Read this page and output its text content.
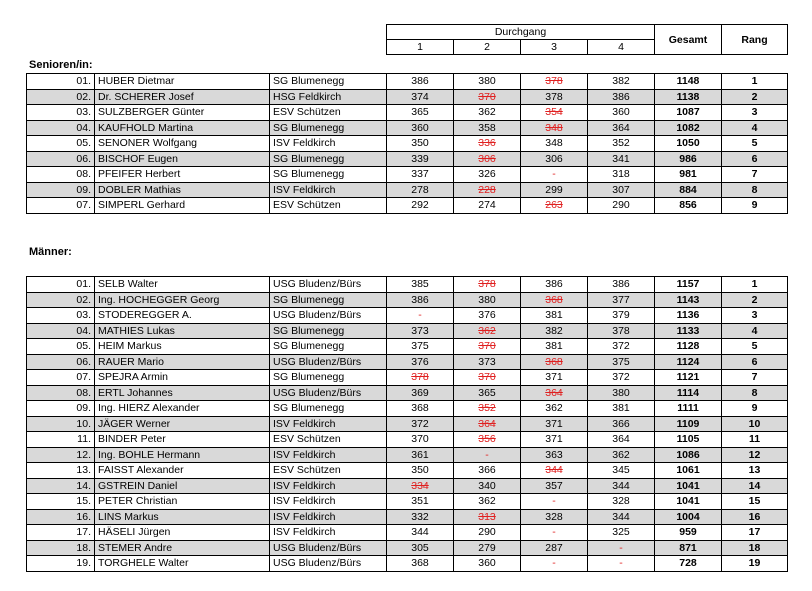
Durchgang				Gesamt	Rang
1	2	3	4		
Senioren/in:
01.	HUBER Dietmar	SG Blumenegg	386	380	378	382	1148	1
02.	Dr. SCHERER Josef	HSG Feldkirch	374	370	378	386	1138	2
03.	SULZBERGER Günter	ESV Schützen	365	362	354	360	1087	3
04.	KAUFHOLD Martina	SG Blumenegg	360	358	348	364	1082	4
05.	SENONER Wolfgang	ISV Feldkirch	350	336	348	352	1050	5
06.	BISCHOF Eugen	SG Blumenegg	339	306	306	341	986	6
08.	PFEIFER Herbert	SG Blumenegg	337	326	-	318	981	7
09.	DOBLER Mathias	ISV Feldkirch	278	228	299	307	884	8
07.	SIMPERL Gerhard	ESV Schützen	292	274	263	290	856	9
Männer:
01.	SELB Walter	USG Bludenz/Bürs	385	378	386	386	1157	1
02.	Ing. HOCHEGGER Georg	SG Blumenegg	386	380	368	377	1143	2
03.	STODEREGGER A.	USG Bludenz/Bürs	-	376	381	379	1136	3
04.	MATHIES Lukas	SG Blumenegg	373	362	382	378	1133	4
05.	HEIM Markus	SG Blumenegg	375	370	381	372	1128	5
06.	RAUER Mario	USG Bludenz/Bürs	376	373	368	375	1124	6
07.	SPEJRA Armin	SG Blumenegg	378	370	371	372	1121	7
08.	ERTL Johannes	USG Bludenz/Bürs	369	365	364	380	1114	8
09.	Ing. HIERZ Alexander	SG Blumenegg	368	352	362	381	1111	9
10.	JÄGER Werner	ISV Feldkirch	372	364	371	366	1109	10
11.	BINDER Peter	ESV Schützen	370	356	371	364	1105	11
12.	Ing. BOHLE Hermann	ISV Feldkirch	361	-	363	362	1086	12
13.	FAISST Alexander	ESV Schützen	350	366	344	345	1061	13
14.	GSTREIN Daniel	ISV Feldkirch	334	340	357	344	1041	14
15.	PETER Christian	ISV Feldkirch	351	362	-	328	1041	15
16.	LINS Markus	ISV Feldkirch	332	313	328	344	1004	16
17.	HÄSELI Jürgen	ISV Feldkirch	344	290	-	325	959	17
18.	STEMER Andre	USG Bludenz/Bürs	305	279	287	-	871	18
19.	TORGHELE Walter	USG Bludenz/Bürs	368	360	-	-	728	19
